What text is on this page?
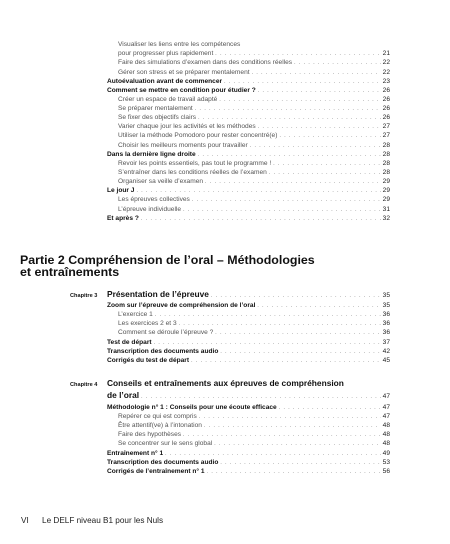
Visualiser les liens entre les compétences
pour progresser plus rapidement . . .	21
Faire des simulations d’examen dans des conditions réelles . . .	22
Gérer son stress et se préparer mentalement . . .	22
Autoévaluation avant de commencer . . .	23
Comment se mettre en condition pour étudier ? . . .	26
Créer un espace de travail adapté . . .	26
Se préparer mentalement . . .	26
Se fixer des objectifs clairs . . .	26
Varier chaque jour les activités et les méthodes . . .	27
Utiliser la méthode Pomodoro pour rester concentré(e) . . .	27
Choisir les meilleurs moments pour travailler . . .	28
Dans la dernière ligne droite . . .	28
Revoir les points essentiels, pas tout le programme ! . . .	28
S’entraîner dans les conditions réelles de l’examen . . .	28
Organiser sa veille d’examen . . .	29
Le jour J . . .	29
Les épreuves collectives . . .	29
L’épreuve individuelle . . .	31
Et après ? . . .	32
Partie 2 Compréhension de l’oral – Méthodologies
et entraînements
Chapitre 3 Présentation de l’épreuve . . .	35
Zoom sur l’épreuve de compréhension de l’oral . . .	35
L’exercice 1 . . .	36
Les exercices 2 et 3 . . .	36
Comment se déroule l’épreuve ? . . .	36
Test de départ . . .	37
Transcription des documents audio . . .	42
Corrigés du test de départ . . .	45
Chapitre 4 Conseils et entraînements aux épreuves de compréhension
de l’oral . . .	47
Méthodologie n° 1 : Conseils pour une écoute efficace . . .	47
Repérer ce qui est compris . . .	47
Être attentif(ve) à l’intonation . . .	48
Faire des hypothèses . . .	48
Se concentrer sur le sens global . . .	48
Entraînement n° 1 . . .	49
Transcription des documents audio . . .	53
Corrigés de l’entraînement n° 1 . . .	56
VI Le DELF niveau B1 pour les Nuls
